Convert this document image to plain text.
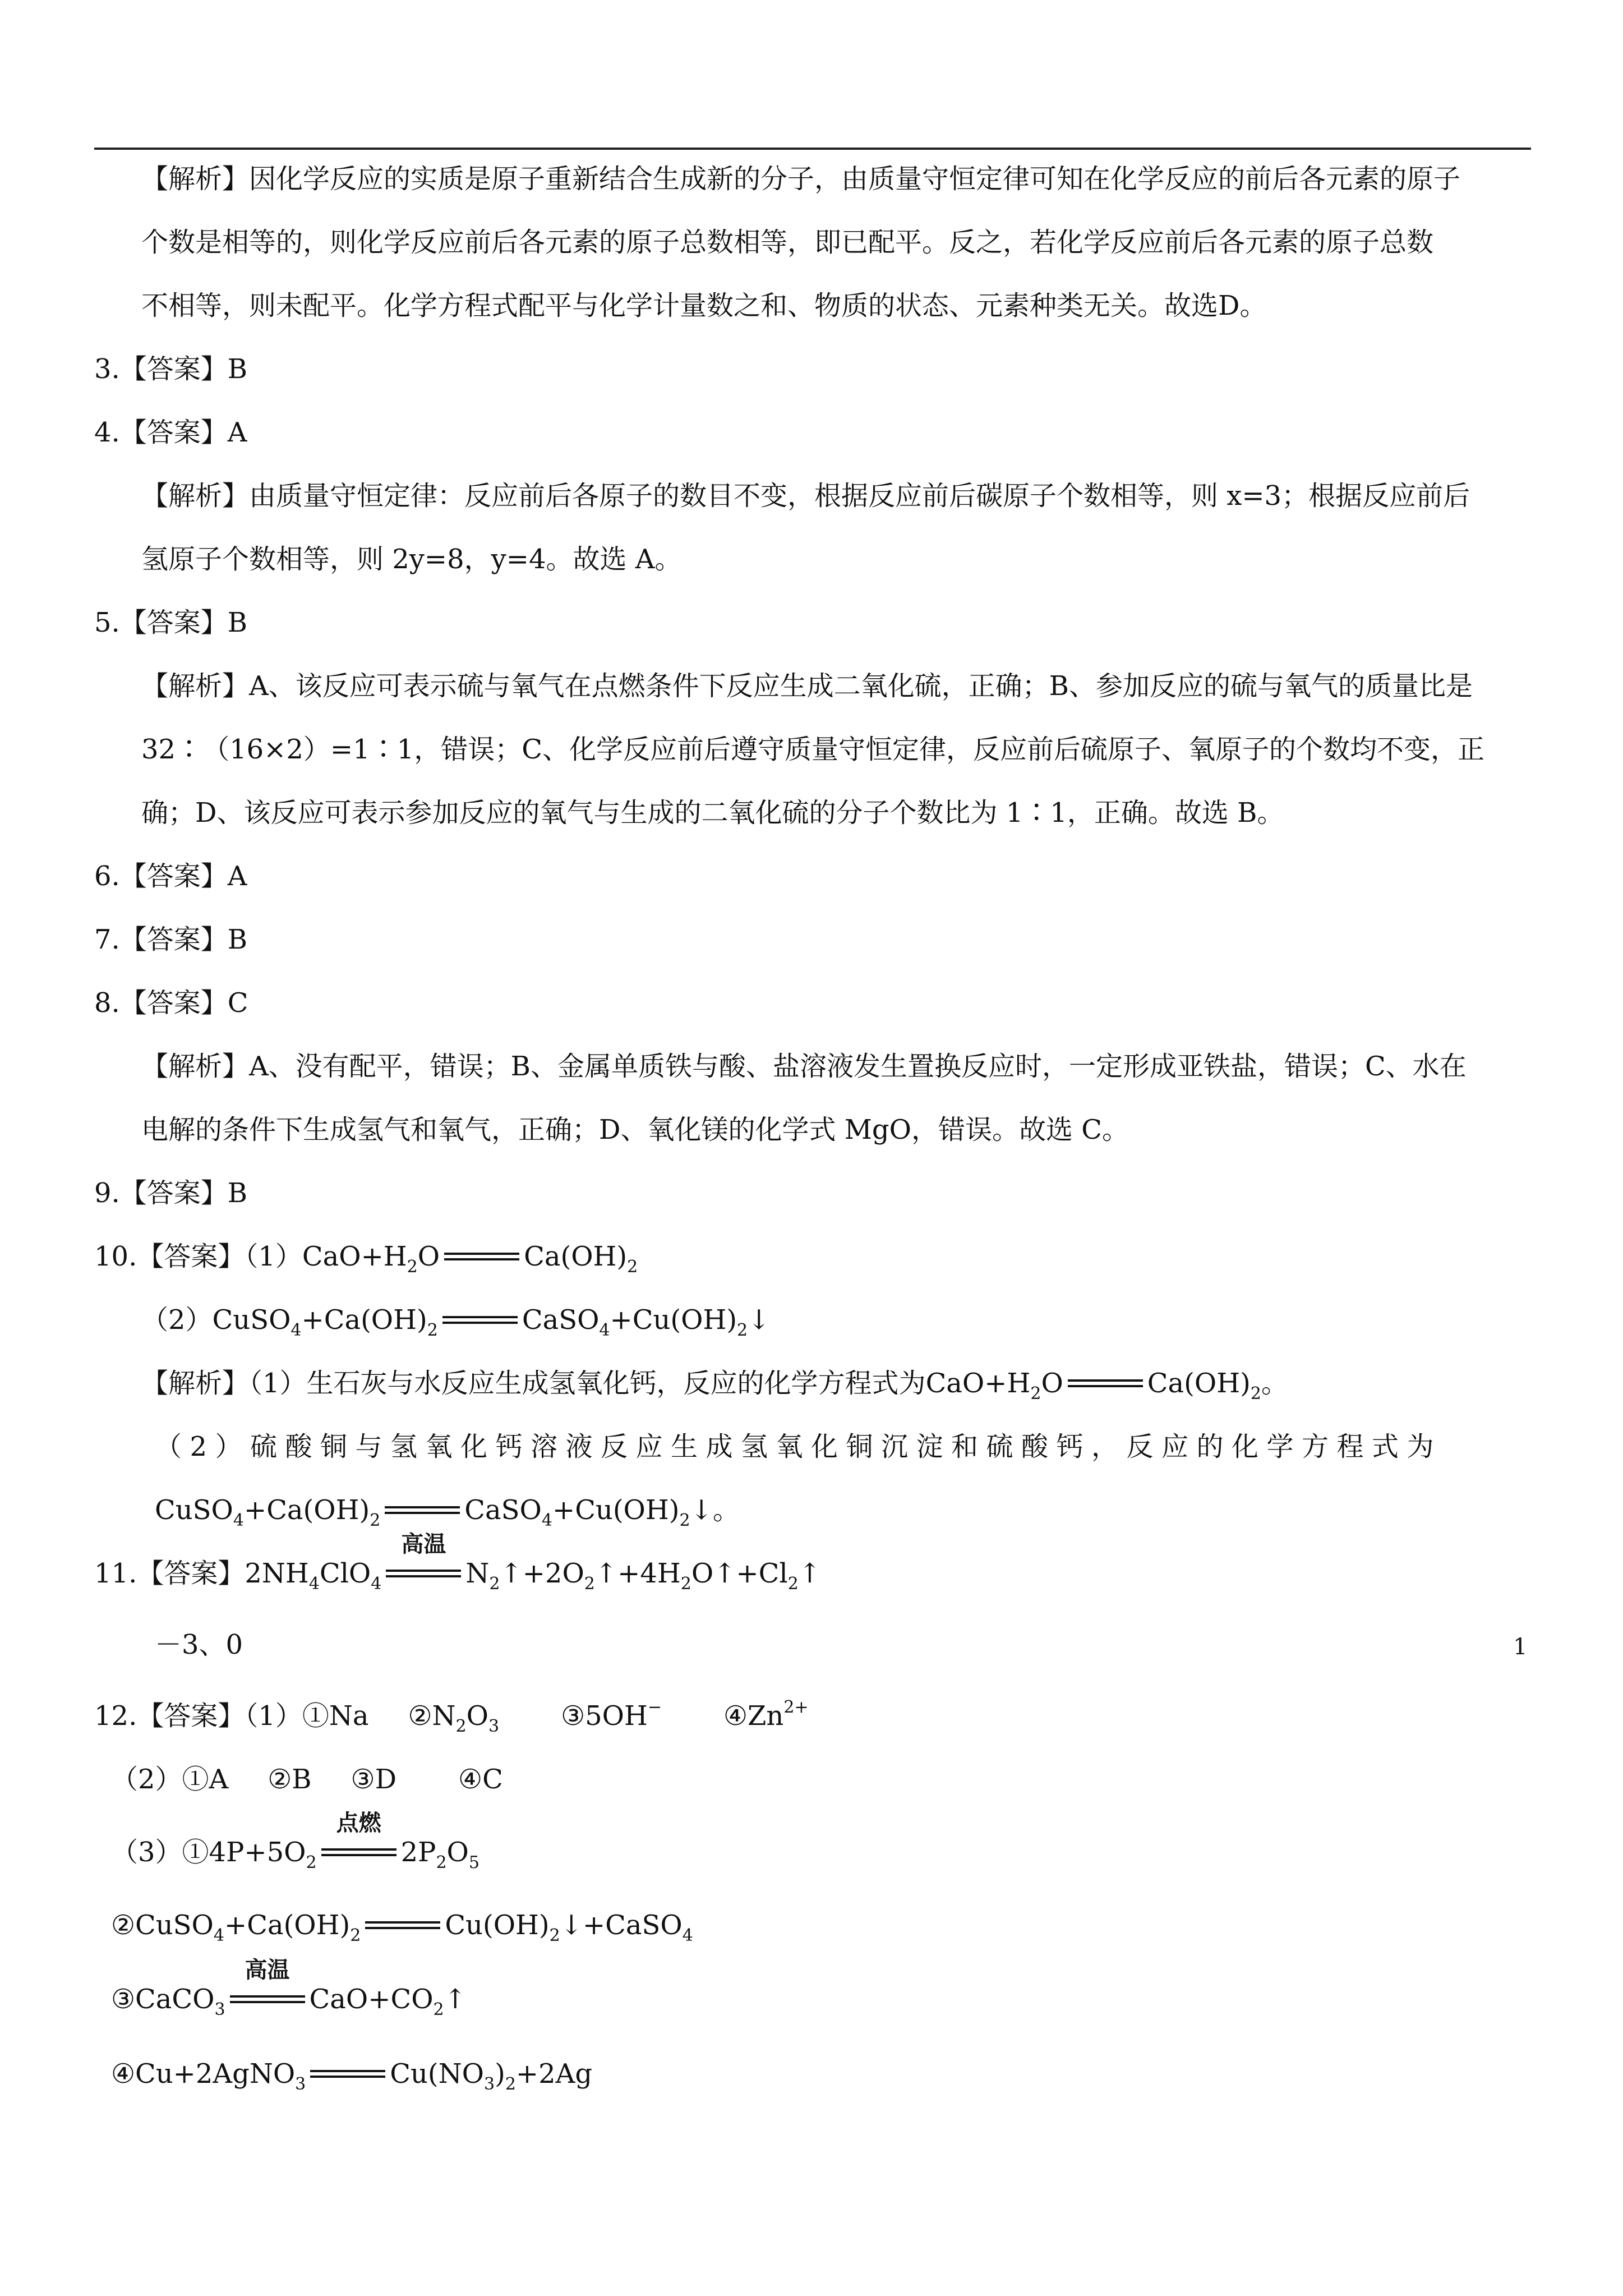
【解析】因化学反应的实质是原子重新结合生成新的分子，由质量守恒定律可知在化学反应的前后各元素的原子
个数是相等的，则化学反应前后各元素的原子总数相等，即已配平。反之，若化学反应前后各元素的原子总数
不相等，则未配平。化学方程式配平与化学计量数之和、物质的状态、元素种类无关。故选D。
3.【答案】B
4.【答案】A
【解析】由质量守恒定律：反应前后各原子的数目不变，根据反应前后碳原子个数相等，则 x=3；根据反应前后
氢原子个数相等，则 2y=8，y=4。故选 A。
5.【答案】B
【解析】A、该反应可表示硫与氧气在点燃条件下反应生成二氧化硫，正确；B、参加反应的硫与氧气的质量比是
32∶（16×2）=1∶1，错误；C、化学反应前后遵守质量守恒定律，反应前后硫原子、氧原子的个数均不变，正
确；D、该反应可表示参加反应的氧气与生成的二氧化硫的分子个数比为 1∶1，正确。故选 B。
6.【答案】A
7.【答案】B
8.【答案】C
【解析】A、没有配平，错误；B、金属单质铁与酸、盐溶液发生置换反应时，一定形成亚铁盐，错误；C、水在
电解的条件下生成氢气和氧气，正确；D、氧化镁的化学式 MgO，错误。故选 C。
9.【答案】B
10.【答案】$(1)CaO+H_2O$	$Ca(OH)_2$
$(2)CuSO_4+Ca(OH)_2$	$CaSO_4+Cu(OH)_2↓$
【解析】（1）生石灰与水反应生成氢氧化钙，反应的化学方程式为$CaO+H_2O$	$Ca(OH)_2$。
（2）硫酸铜与氢氧化钙溶液反应生成氢氧化铜沉淀和硫酸钙，反应的化学方程式为
$CuSO_4+Ca(OH)_2$	$CaSO_4+Cu(OH)_2↓$。
11.【答案】$2NH_4ClO_4$
高温
$N_2↑+2O_2↑+4H_2O↑+Cl_2↑$
－3、0
12.【答案】（1）①Na $②N_2O_3$ ③5OH− $④Zn^{2+}$
（2）①A ②B ③D ④C
$(3)①4P+5O_2$
点燃
$2P_2O_5$
$②CuSO_4+Ca(OH)_2$	$Cu(OH)_2↓+CaSO_4$
③CaCO$_3$
高温
$CaO+CO_2↑$
④Cu+2AgNO$_3$	$Cu(NO_3)_2+2Ag$
1
